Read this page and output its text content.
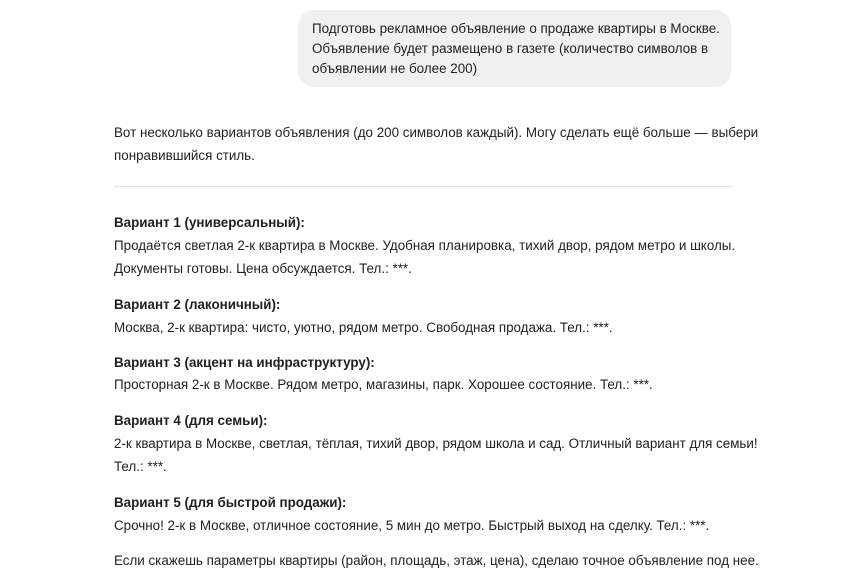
Подготовь рекламное объявление о продаже квартиры в Москве.
Объявление будет размещено в газете (количество символов в
объявлении не более 200)
Вот несколько вариантов объявления (до 200 символов каждый). Могу сделать ещё больше — выбери
понравившийся стиль.
Вариант 1 (универсальный):
Продаётся светлая 2-к квартира в Москве. Удобная планировка, тихий двор, рядом метро и школы.
Документы готовы. Цена обсуждается. Тел.: ***.
Вариант 2 (лаконичный):
Москва, 2-к квартира: чисто, уютно, рядом метро. Свободная продажа. Тел.: ***.
Вариант 3 (акцент на инфраструктуру):
Просторная 2-к в Москве. Рядом метро, магазины, парк. Хорошее состояние. Тел.: ***.
Вариант 4 (для семьи):
2-к квартира в Москве, светлая, тёплая, тихий двор, рядом школа и сад. Отличный вариант для семьи!
Тел.: ***.
Вариант 5 (для быстрой продажи):
Срочно! 2-к в Москве, отличное состояние, 5 мин до метро. Быстрый выход на сделку. Тел.: ***.
Если скажешь параметры квартиры (район, площадь, этаж, цена), сделаю точное объявление под нее.
